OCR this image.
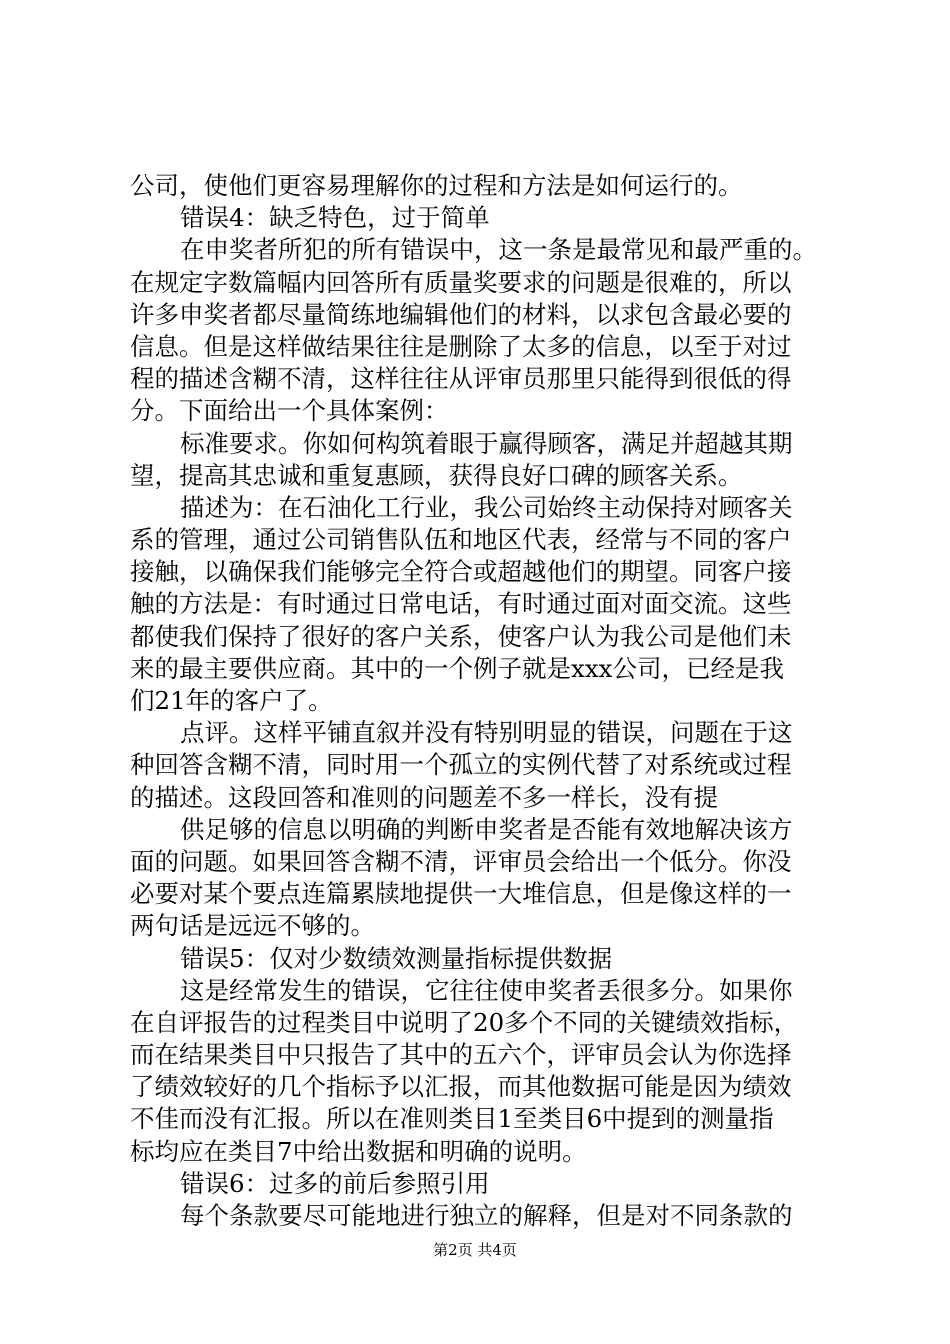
公司，使他们更容易理解你的过程和方法是如何运行的。
错误4：缺乏特色，过于简单
在申奖者所犯的所有错误中，这一条是最常见和最严重的。
在规定字数篇幅内回答所有质量奖要求的问题是很难的，所以
许多申奖者都尽量简练地编辑他们的材料，以求包含最必要的
信息。但是这样做结果往往是删除了太多的信息，以至于对过
程的描述含糊不清，这样往往从评审员那里只能得到很低的得
分。下面给出一个具体案例：
标准要求。你如何构筑着眼于赢得顾客，满足并超越其期
望，提高其忠诚和重复惠顾，获得良好口碑的顾客关系。
描述为：在石油化工行业，我公司始终主动保持对顾客关
系的管理，通过公司销售队伍和地区代表，经常与不同的客户
接触，以确保我们能够完全符合或超越他们的期望。同客户接
触的方法是：有时通过日常电话，有时通过面对面交流。这些
都使我们保持了很好的客户关系，使客户认为我公司是他们未
来的最主要供应商。其中的一个例子就是xxx公司，已经是我
们21年的客户了。
点评。这样平铺直叙并没有特别明显的错误，问题在于这
种回答含糊不清，同时用一个孤立的实例代替了对系统或过程
的描述。这段回答和准则的问题差不多一样长，没有提
供足够的信息以明确的判断申奖者是否能有效地解决该方
面的问题。如果回答含糊不清，评审员会给出一个低分。你没
必要对某个要点连篇累牍地提供一大堆信息，但是像这样的一
两句话是远远不够的。
错误5：仅对少数绩效测量指标提供数据
这是经常发生的错误，它往往使申奖者丢很多分。如果你
在自评报告的过程类目中说明了20多个不同的关键绩效指标，
而在结果类目中只报告了其中的五六个，评审员会认为你选择
了绩效较好的几个指标予以汇报，而其他数据可能是因为绩效
不佳而没有汇报。所以在准则类目1至类目6中提到的测量指
标均应在类目7中给出数据和明确的说明。
错误6：过多的前后参照引用
每个条款要尽可能地进行独立的解释，但是对不同条款的
第2页 共4页
